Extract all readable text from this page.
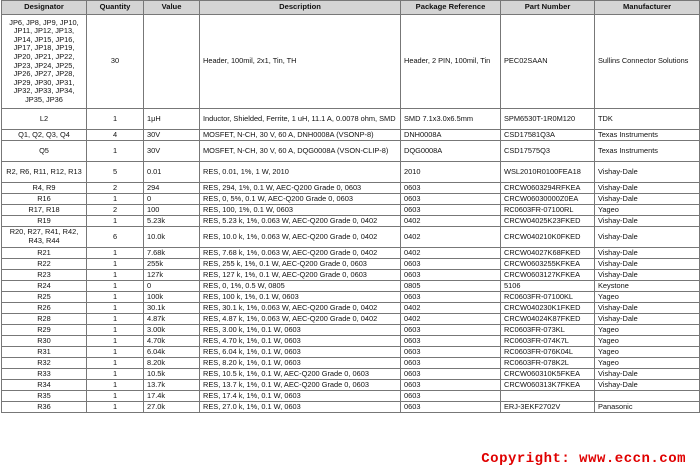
Designator	Quantity	Value	Description	Package Reference	Part Number	Manufacturer
JP6, JP8, JP9, JP10, JP11, JP12, JP13, JP14, JP15, JP16, JP17, JP18, JP19, JP20, JP21, JP22, JP23, JP24, JP25, JP26, JP27, JP28, JP29, JP30, JP31, JP32, JP33, JP34, JP35, JP36	30		Header, 100mil, 2x1, Tin, TH	Header, 2 PIN, 100mil, Tin	PEC02SAAN	Sullins Connector Solutions
L2	1	1μH	Inductor, Shielded, Ferrite, 1 uH, 11.1 A, 0.0078 ohm, SMD	SMD 7.1x3.0x6.5mm	SPM6530T-1R0M120	TDK
Q1, Q2, Q3, Q4	4	30V	MOSFET, N-CH, 30 V, 60 A, DNH0008A (VSONP-8)	DNH0008A	CSD17581Q3A	Texas Instruments
Q5	1	30V	MOSFET, N-CH, 30 V, 60 A, DQG0008A (VSON-CLIP-8)	DQG0008A	CSD17575Q3	Texas Instruments
R2, R6, R11, R12, R13	5	0.01	RES, 0.01, 1%, 1 W, 2010	2010	WSL2010R0100FEA18	Vishay-Dale
R4, R9	2	294	RES, 294, 1%, 0.1 W, AEC-Q200 Grade 0, 0603	0603	CRCW0603294RFKEA	Vishay-Dale
R16	1	0	RES, 0, 5%, 0.1 W, AEC-Q200 Grade 0, 0603	0603	CRCW06030000Z0EA	Vishay-Dale
R17, R18	2	100	RES, 100, 1%, 0.1 W, 0603	0603	RC0603FR-07100RL	Yageo
R19	1	5.23k	RES, 5.23 k, 1%, 0.063 W, AEC-Q200 Grade 0, 0402	0402	CRCW04025K23FKED	Vishay-Dale
R20, R27, R41, R42, R43, R44	6	10.0k	RES, 10.0 k, 1%, 0.063 W, AEC-Q200 Grade 0, 0402	0402	CRCW040210K0FKED	Vishay-Dale
R21	1	7.68k	RES, 7.68 k, 1%, 0.063 W, AEC-Q200 Grade 0, 0402	0402	CRCW04027K68FKED	Vishay-Dale
R22	1	255k	RES, 255 k, 1%, 0.1 W, AEC-Q200 Grade 0, 0603	0603	CRCW0603255KFKEA	Vishay-Dale
R23	1	127k	RES, 127 k, 1%, 0.1 W, AEC-Q200 Grade 0, 0603	0603	CRCW0603127KFKEA	Vishay-Dale
R24	1	0	RES, 0, 1%, 0.5 W, 0805	0805	5106	Keystone
R25	1	100k	RES, 100 k, 1%, 0.1 W, 0603	0603	RC0603FR-07100KL	Yageo
R26	1	30.1k	RES, 30.1 k, 1%, 0.063 W, AEC-Q200 Grade 0, 0402	0402	CRCW040230K1FKED	Vishay-Dale
R28	1	4.87k	RES, 4.87 k, 1%, 0.063 W, AEC-Q200 Grade 0, 0402	0402	CRCW04024K87FKED	Vishay-Dale
R29	1	3.00k	RES, 3.00 k, 1%, 0.1 W, 0603	0603	RC0603FR-073KL	Yageo
R30	1	4.70k	RES, 4.70 k, 1%, 0.1 W, 0603	0603	RC0603FR-074K7L	Yageo
R31	1	6.04k	RES, 6.04 k, 1%, 0.1 W, 0603	0603	RC0603FR-076K04L	Yageo
R32	1	8.20k	RES, 8.20 k, 1%, 0.1 W, 0603	0603	RC0603FR-078K2L	Yageo
R33	1	10.5k	RES, 10.5 k, 1%, 0.1 W, AEC-Q200 Grade 0, 0603	0603	CRCW060310K5FKEA	Vishay-Dale
R34	1	13.7k	RES, 13.7 k, 1%, 0.1 W, AEC-Q200 Grade 0, 0603	0603	CRCW060313K7FKEA	Vishay-Dale
R35	1	17.4k	RES, 17.4 k, 1%, 0.1 W, 0603	0603		
R36	1	27.0k	RES, 27.0 k, 1%, 0.1 W, 0603	0603	ERJ-3EKF2702V	Panasonic
Copyright: www.eccn.com
